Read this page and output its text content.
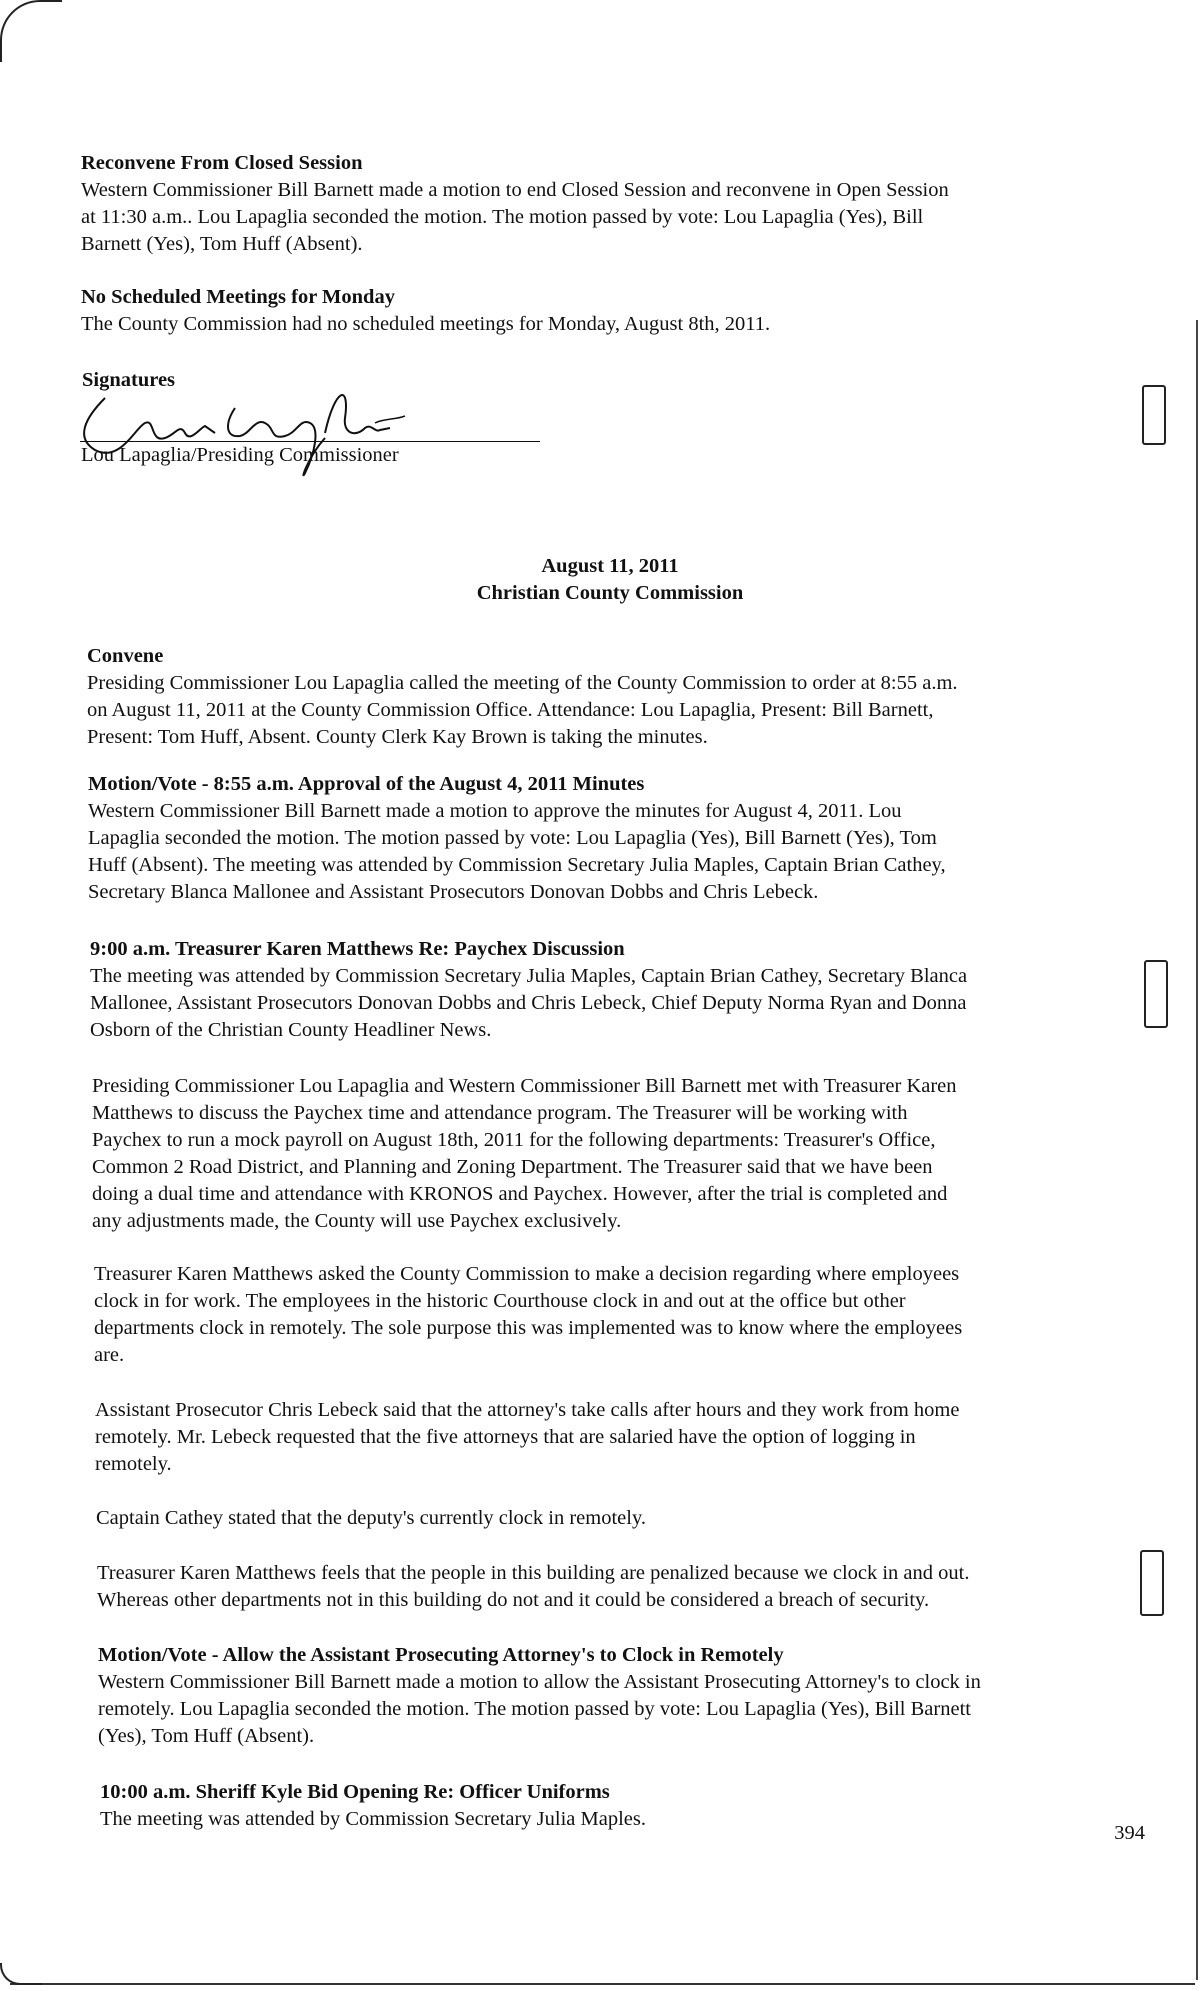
Reconvene From Closed Session

Western Commissioner Bill Barnett made a motion to end Closed Session and reconvene in Open Session

at 11:30 a.m.. Lou Lapaglia seconded the motion. The motion passed by vote: Lou Lapaglia (Yes), Bill

Barnett (Yes), Tom Huff (Absent).

No Scheduled Meetings for Monday

The County Commission had no scheduled meetings for Monday, August 8th, 2011.

Signatures

Lou Lapaglia/Presiding Commissioner
August 11, 2011
Christian County Commission

Convene

Presiding Commissioner Lou Lapaglia called the meeting of the County Commission to order at 8:55 a.m.

on August 11, 2011 at the County Commission Office. Attendance: Lou Lapaglia, Present: Bill Barnett,

Present: Tom Huff, Absent. County Clerk Kay Brown is taking the minutes.

Motion/Vote - 8:55 a.m. Approval of the August 4, 2011 Minutes

Western Commissioner Bill Barnett made a motion to approve the minutes for August 4, 2011. Lou

Lapaglia seconded the motion. The motion passed by vote: Lou Lapaglia (Yes), Bill Barnett (Yes), Tom

Huff (Absent). The meeting was attended by Commission Secretary Julia Maples, Captain Brian Cathey,

Secretary Blanca Mallonee and Assistant Prosecutors Donovan Dobbs and Chris Lebeck.

9:00 a.m. Treasurer Karen Matthews Re: Paychex Discussion

The meeting was attended by Commission Secretary Julia Maples, Captain Brian Cathey, Secretary Blanca

Mallonee, Assistant Prosecutors Donovan Dobbs and Chris Lebeck, Chief Deputy Norma Ryan and Donna

Osborn of the Christian County Headliner News.

Presiding Commissioner Lou Lapaglia and Western Commissioner Bill Barnett met with Treasurer Karen

Matthews to discuss the Paychex time and attendance program. The Treasurer will be working with

Paychex to run a mock payroll on August 18th, 2011 for the following departments: Treasurer's Office,

Common 2 Road District, and Planning and Zoning Department. The Treasurer said that we have been

doing a dual time and attendance with KRONOS and Paychex. However, after the trial is completed and

any adjustments made, the County will use Paychex exclusively.

Treasurer Karen Matthews asked the County Commission to make a decision regarding where employees

clock in for work. The employees in the historic Courthouse clock in and out at the office but other

departments clock in remotely. The sole purpose this was implemented was to know where the employees

are.

Assistant Prosecutor Chris Lebeck said that the attorney's take calls after hours and they work from home

remotely. Mr. Lebeck requested that the five attorneys that are salaried have the option of logging in

remotely.

Captain Cathey stated that the deputy's currently clock in remotely.

Treasurer Karen Matthews feels that the people in this building are penalized because we clock in and out.

Whereas other departments not in this building do not and it could be considered a breach of security.

Motion/Vote - Allow the Assistant Prosecuting Attorney's to Clock in Remotely

Western Commissioner Bill Barnett made a motion to allow the Assistant Prosecuting Attorney's to clock in

remotely. Lou Lapaglia seconded the motion. The motion passed by vote: Lou Lapaglia (Yes), Bill Barnett

(Yes), Tom Huff (Absent).

10:00 a.m. Sheriff Kyle Bid Opening Re: Officer Uniforms

The meeting was attended by Commission Secretary Julia Maples.

394
